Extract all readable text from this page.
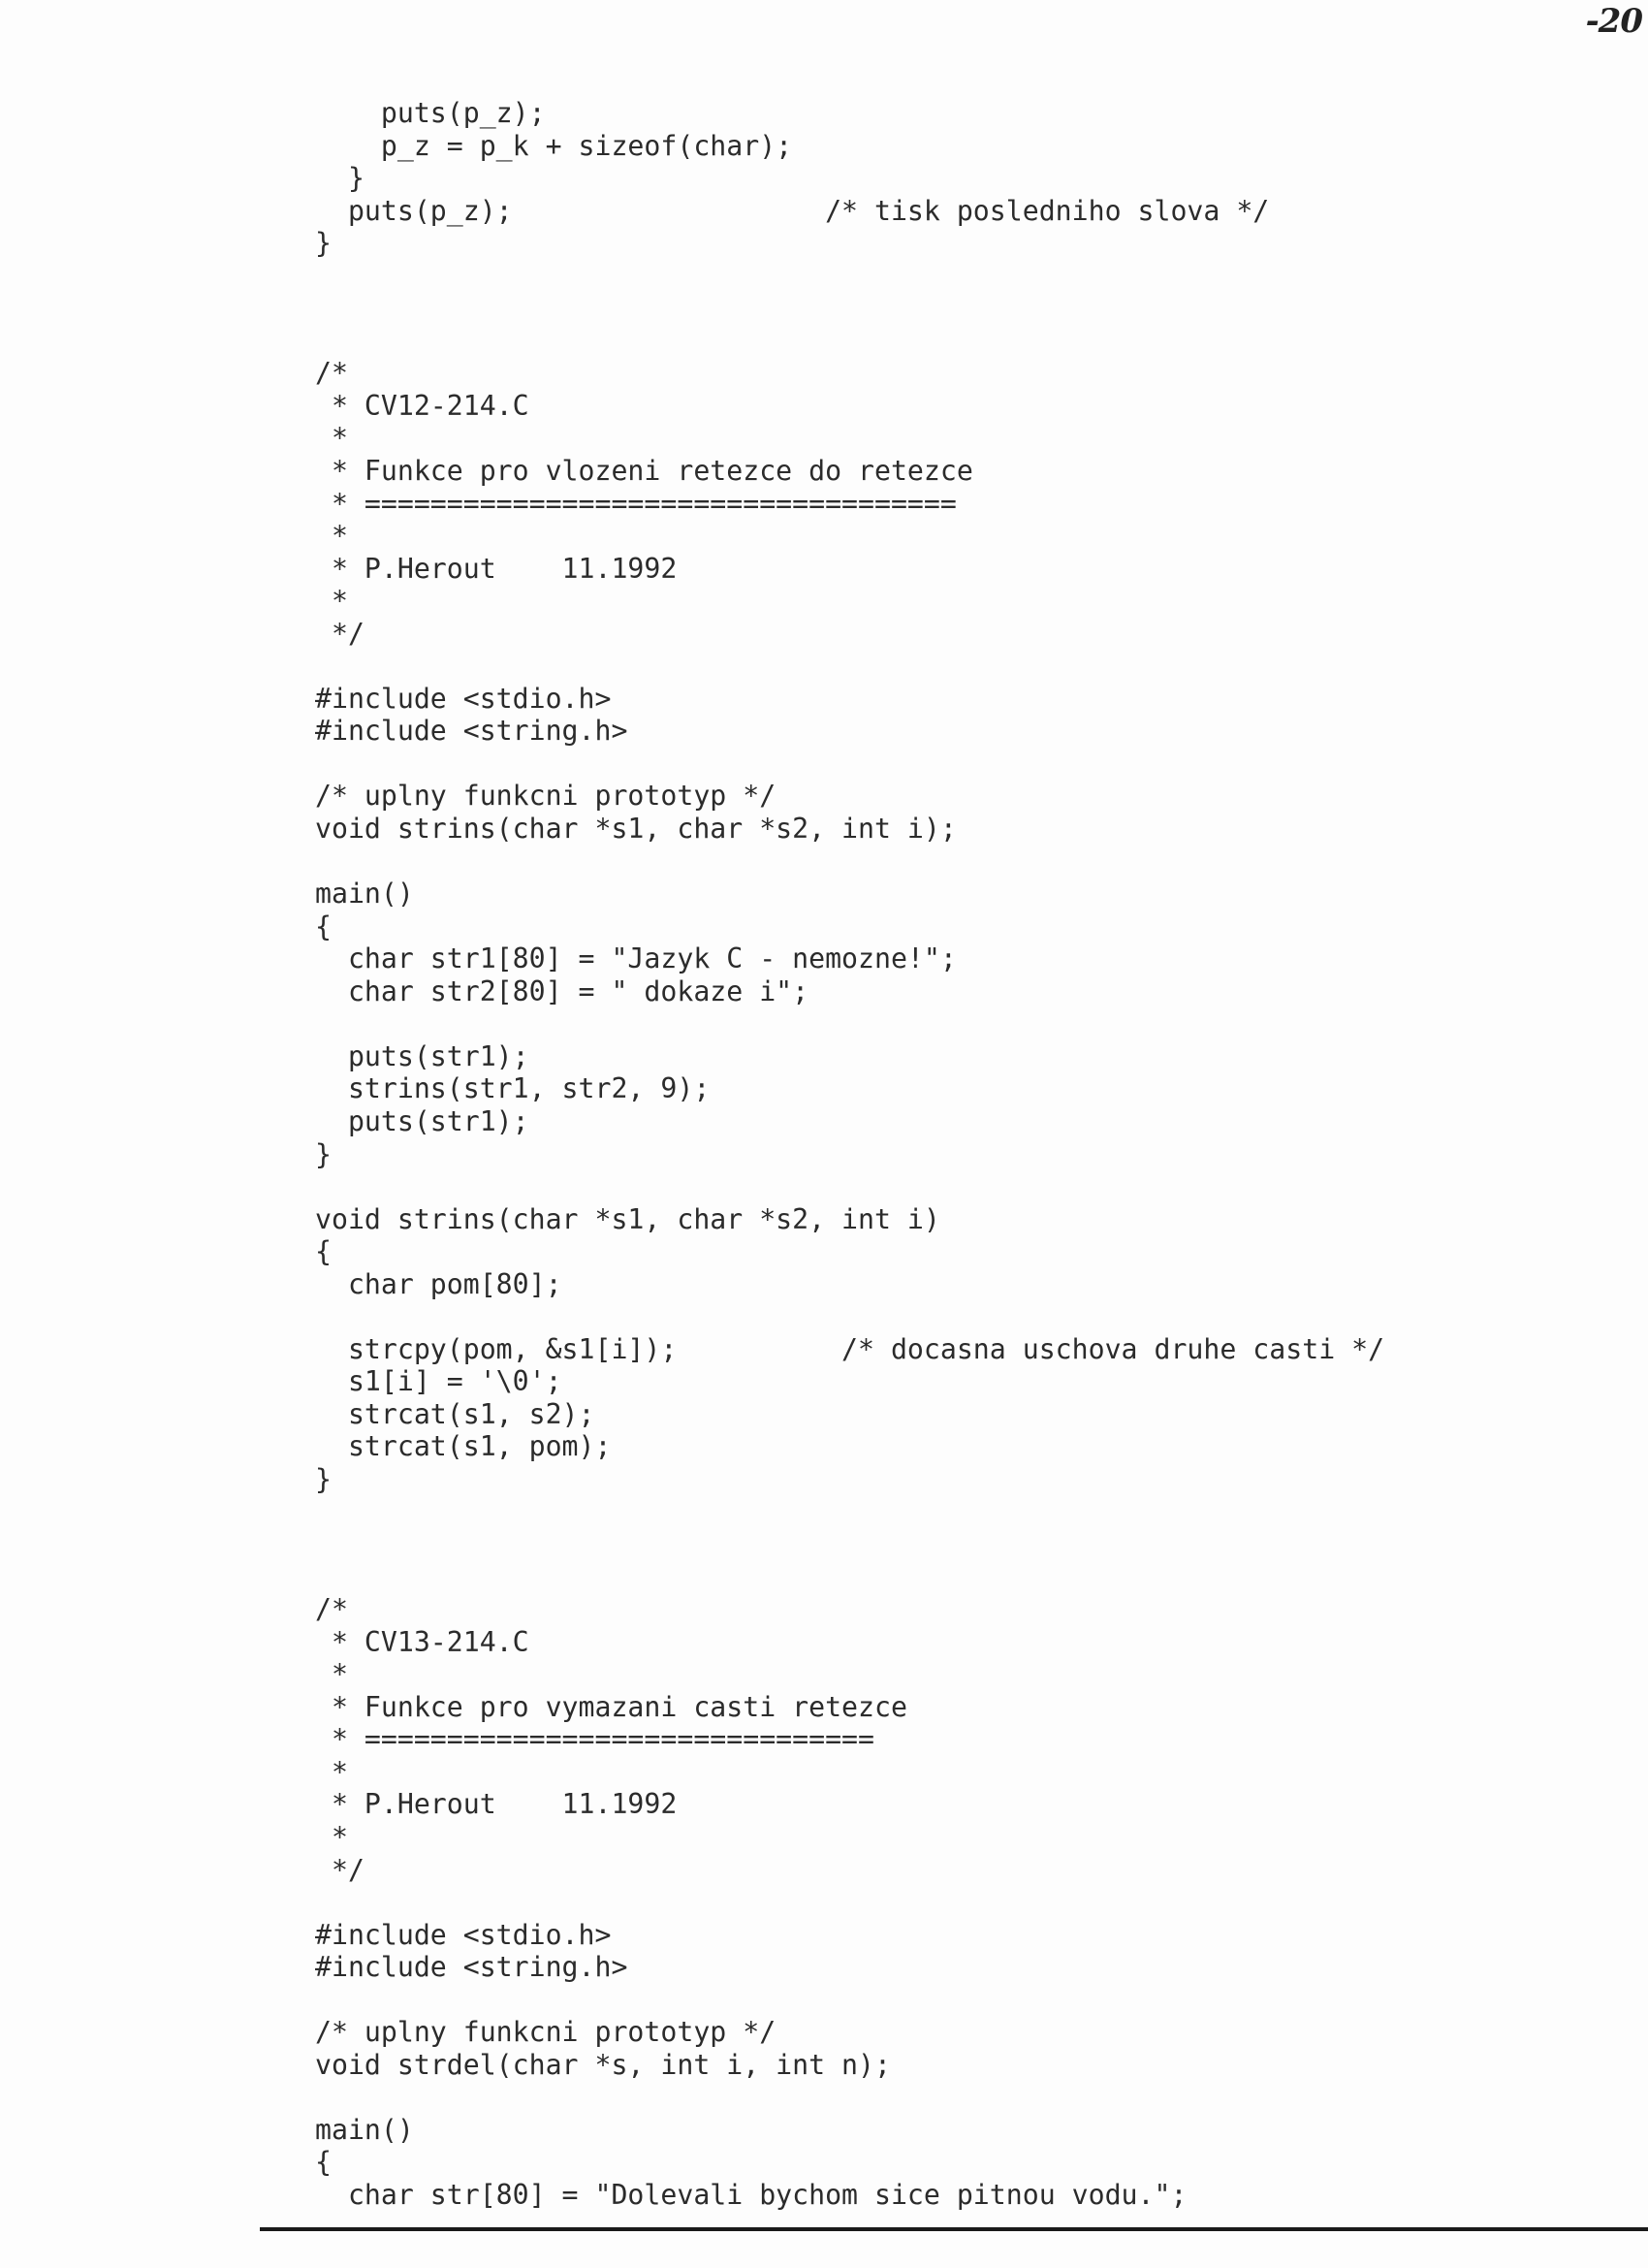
-20
puts(p_z);
p_z = p_k + sizeof(char);
}
puts(p_z);                   /* tisk posledniho slova */
}
/*
* CV12-214.C
*
* Funkce pro vlozeni retezce do retezce
* ====================================
*
* P.Herout    11.1992
*
*/
#include <stdio.h>
#include <string.h>
/* uplny funkcni prototyp */
void strins(char *s1, char *s2, int i);
main()
{
char str1[80] = "Jazyk C - nemozne!";
char str2[80] = " dokaze i";
puts(str1);
strins(str1, str2, 9);
puts(str1);
}
void strins(char *s1, char *s2, int i)
{
char pom[80];
strcpy(pom, &s1[i]);          /* docasna uschova druhe casti */
s1[i] = '\0';
strcat(s1, s2);
strcat(s1, pom);
}
/*
* CV13-214.C
*
* Funkce pro vymazani casti retezce
* ===============================
*
* P.Herout    11.1992
*
*/
#include <stdio.h>
#include <string.h>
/* uplny funkcni prototyp */
void strdel(char *s, int i, int n);
main()
{
char str[80] = "Dolevali bychom sice pitnou vodu.";
